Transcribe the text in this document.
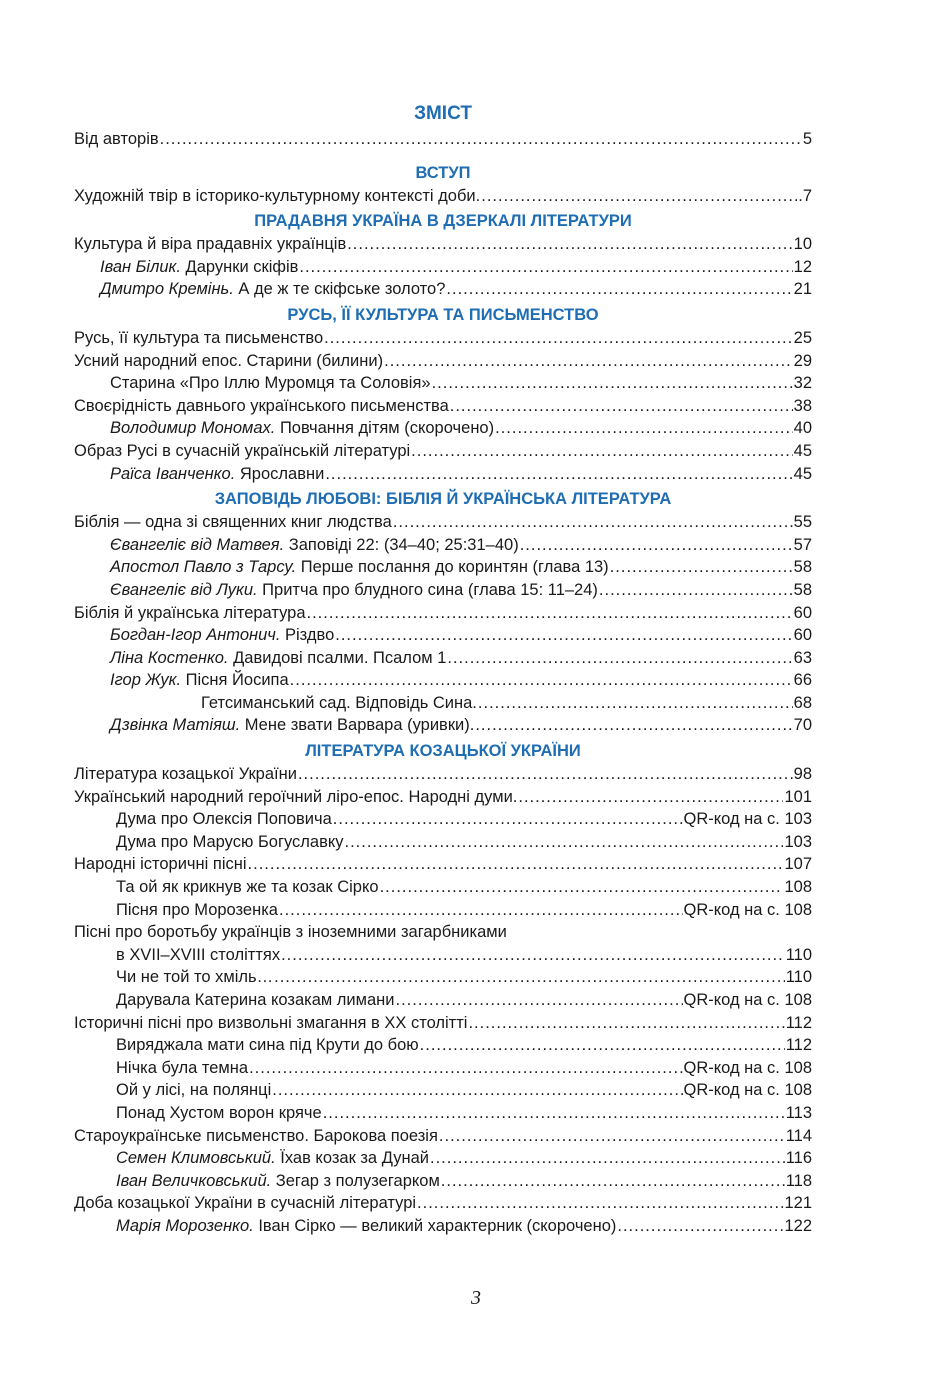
ЗМІСТ
Від авторів .....	5
ВСТУП
Художній твір в історико-культурному контексті доби. .....	.7
ПРАДАВНЯ УКРАЇНА В ДЗЕРКАЛІ ЛІТЕРАТУРИ
Культура й віра прадавніх українців .....	10
Іван Білик. Дарунки скіфів .....	12
Дмитро Кремінь. А де ж те скіфське золото? .....	21
РУСЬ, ЇЇ КУЛЬТУРА ТА ПИСЬМЕНСТВО
Русь, її культура та письменство .....	25
Усний народний епос. Старини (билини) .....	29
Старина «Про Іллю Муромця та Соловія» .....	32
Своєрідність давнього українського письменства .....	38
Володимир Мономах. Повчання дітям (скорочено) .....	40
Образ Русі в сучасній українській літературі .....	45
Раїса Іванченко. Ярославни .....	45
ЗАПОВІДЬ ЛЮБОВІ: БІБЛІЯ Й УКРАЇНСЬКА ЛІТЕРАТУРА
Біблія — одна зі священних книг людства .....	55
Євангеліє від Матвея. Заповіді 22: (34–40; 25:31–40) .....	57
Апостол Павло з Тарсу. Перше послання до коринтян (глава 13) .....	58
Євангеліє від Луки. Притча про блудного сина (глава 15: 11–24) .....	58
Біблія й українська література .....	60
Богдан-Ігор Антонич. Різдво .....	60
Ліна Костенко. Давидові псалми. Псалом 1 .....	63
Ігор Жук. Пісня Йосипа .....	66
Гетсиманський сад. Відповідь Сина. .....	68
Дзвінка Матіяш. Мене звати Варвара (уривки). .....	70
ЛІТЕРАТУРА КОЗАЦЬКОЇ УКРАЇНИ
Література козацької України .....	98
Український народний героїчний ліро-епос. Народні думи. .....	101
Дума про Олексія Поповича .....	QR-код на с. 103
Дума про Марусю Богуславку .....	103
Народні історичні пісні .....	107
Та ой як крикнув же та козак Сірко .....	108
Пісня про Морозенка .....	QR-код на с. 108
Пісні про боротьбу українців з іноземними загарбниками
в XVII–XVIII століттях .....	110
Чи не той то хміль… .....	110
Дарувала Катерина козакам лимани .....	QR-код на с. 108
Історичні пісні про визвольні змагання в ХХ столітті .....	112
Виряджала мати сина під Крути до бою .....	112
Нічка була темна .....	QR-код на с. 108
Ой у лісі, на полянці .....	QR-код на с. 108
Понад Хустом ворон кряче .....	113
Староукраїнське письменство. Барокова поезія .....	114
Семен Климовський. Їхав козак за Дунай .....	116
Іван Величковський. Зегар з полузегарком .....	118
Доба козацької України в сучасній літературі .....	121
Марія Морозенко. Іван Сірко — великий характерник (скорочено) .....	122
3
